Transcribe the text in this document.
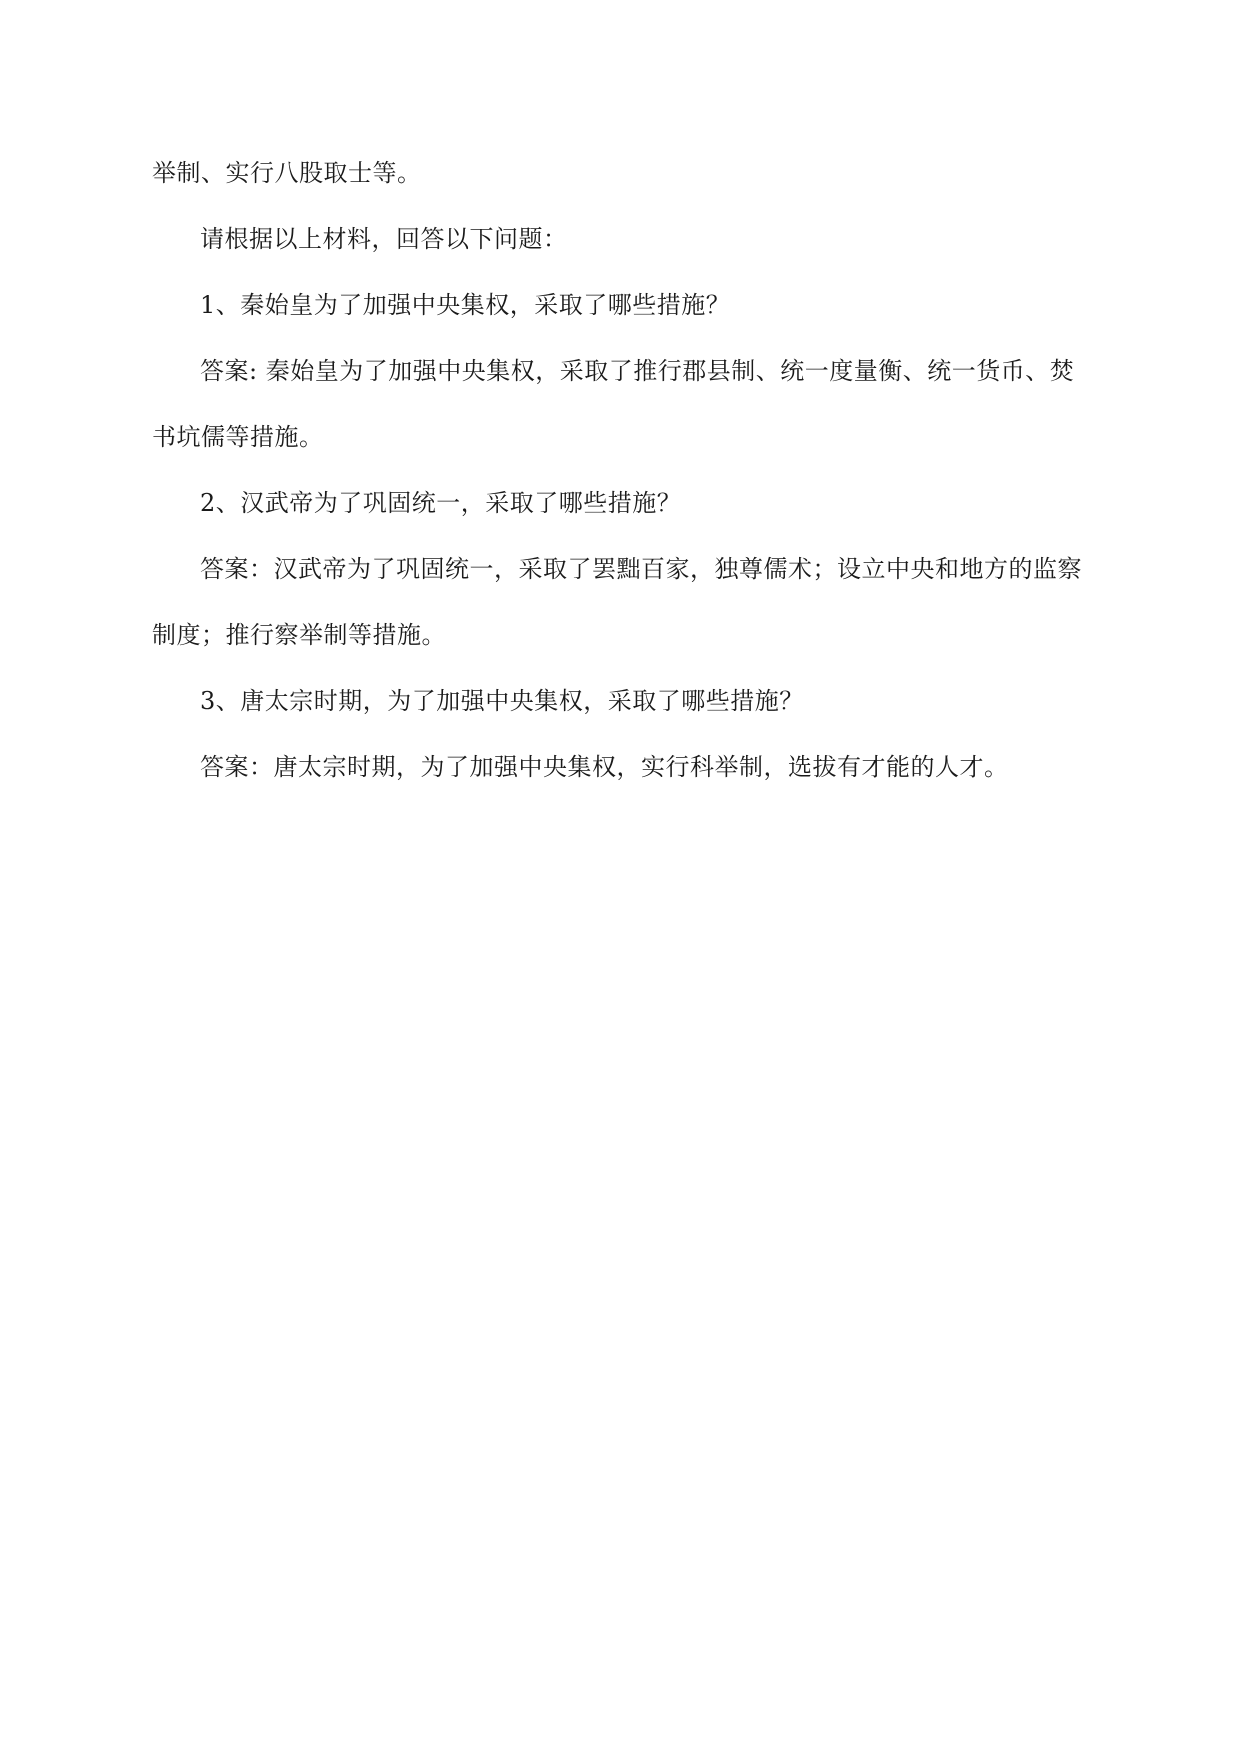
举制、实行八股取士等。
请根据以上材料，回答以下问题：
1、秦始皇为了加强中央集权，采取了哪些措施？
答案: 秦始皇为了加强中央集权，采取了推行郡县制、统一度量衡、统一货币、焚
书坑儒等措施。
2、汉武帝为了巩固统一，采取了哪些措施？
答案：汉武帝为了巩固统一，采取了罢黜百家，独尊儒术；设立中央和地方的监察
制度；推行察举制等措施。
3、唐太宗时期，为了加强中央集权，采取了哪些措施？
答案：唐太宗时期，为了加强中央集权，实行科举制，选拔有才能的人才。
